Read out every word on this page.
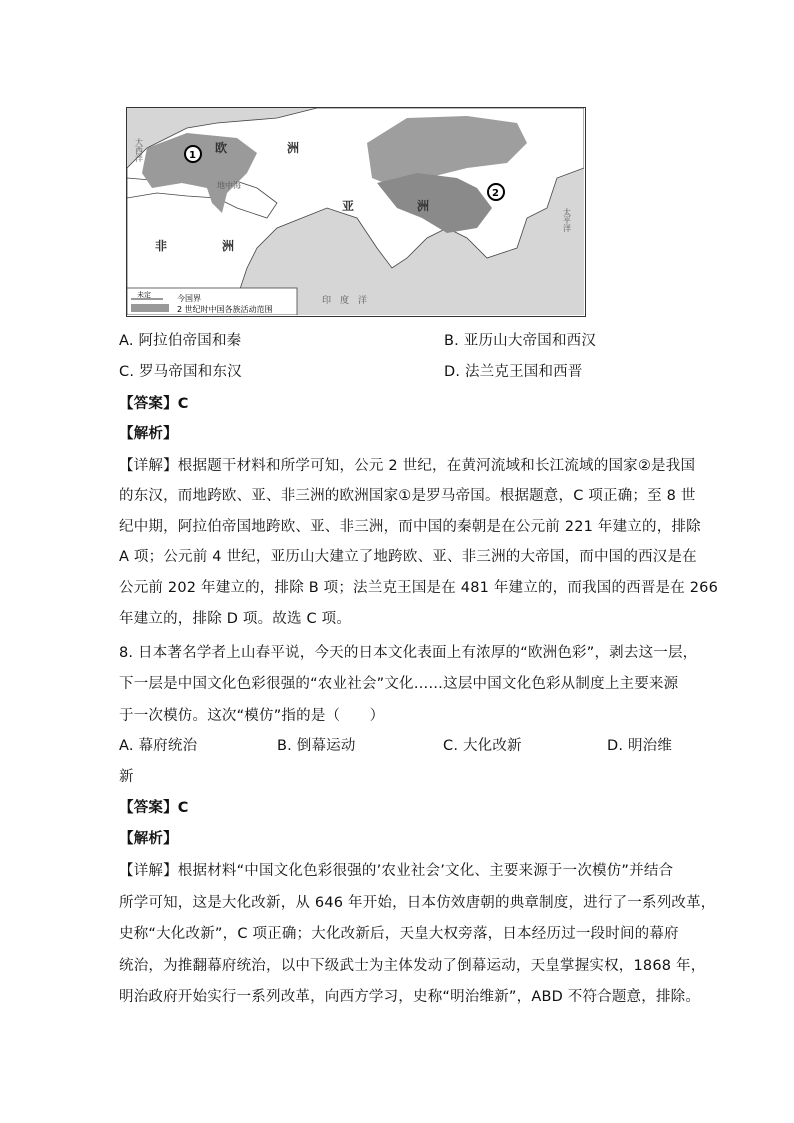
未定	今国界
2 世纪时中国各族活动范围
欧	洲
亚	洲
非	洲
印　度　洋
太平洋
大西洋
地中海
1
2
A. 阿拉伯帝国和秦	B. 亚历山大帝国和西汉
C. 罗马帝国和东汉	D. 法兰克王国和西晋
【答案】C
【解析】
【详解】根据题干材料和所学可知，公元 2 世纪，在黄河流域和长江流域的国家②是我国
的东汉，而地跨欧、亚、非三洲的欧洲国家①是罗马帝国。根据题意，C 项正确；至 8 世
纪中期，阿拉伯帝国地跨欧、亚、非三洲，而中国的秦朝是在公元前 221 年建立的，排除
A 项；公元前 4 世纪，亚历山大建立了地跨欧、亚、非三洲的大帝国，而中国的西汉是在
公元前 202 年建立的，排除 B 项；法兰克王国是在 481 年建立的，而我国的西晋是在 266
年建立的，排除 D 项。故选 C 项。
8. 日本著名学者上山春平说，今天的日本文化表面上有浓厚的“欧洲色彩”，剥去这一层，
下一层是中国文化色彩很强的“农业社会”文化……这层中国文化色彩从制度上主要来源
于一次模仿。这次“模仿”指的是（　　）
A. 幕府统治	B. 倒幕运动	C. 大化改新	D. 明治维
新
【答案】C
【解析】
【详解】根据材料“中国文化色彩很强的’农业社会’文化、主要来源于一次模仿”并结合
所学可知，这是大化改新，从 646 年开始，日本仿效唐朝的典章制度，进行了一系列改革，
史称“大化改新”，C 项正确；大化改新后，天皇大权旁落，日本经历过一段时间的幕府
统治，为推翻幕府统治，以中下级武士为主体发动了倒幕运动，天皇掌握实权，1868 年，
明治政府开始实行一系列改革，向西方学习，史称“明治维新”，ABD 不符合题意，排除。
